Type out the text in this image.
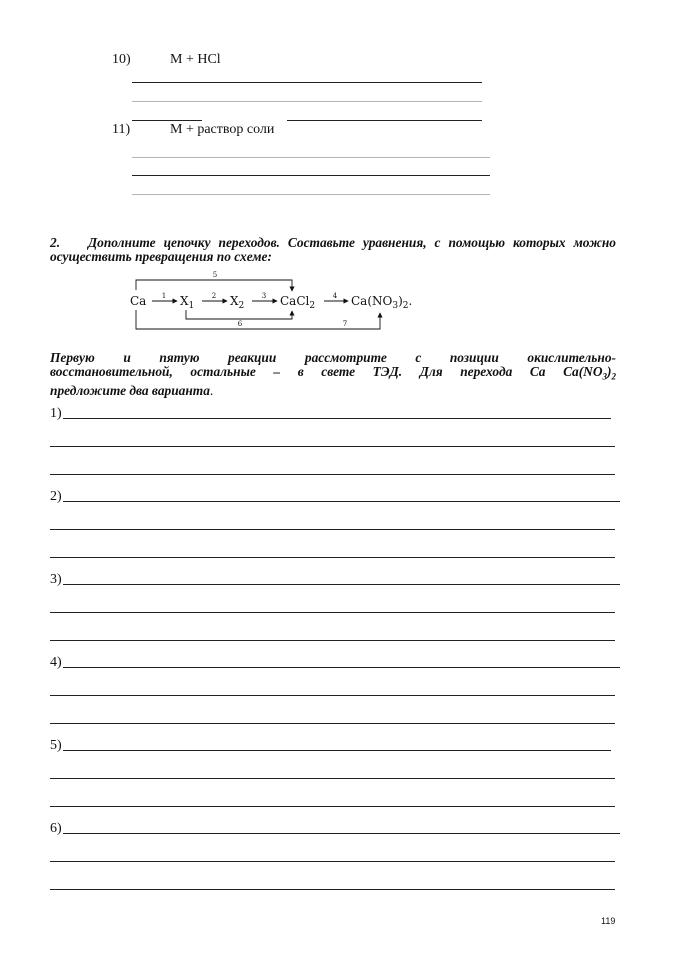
10)	M + HCl
11)	M + раствор соли
2. Дополните цепочку переходов. Составьте уравнения, с помощью которых можно осуществить превращения по схеме:
Ca	$X_1$	$X_2$	CaCl$_2$	$Ca(NO_3)_2$.
1	2	3	4
5
6	7
Первую и пятую реакции рассмотрите с позиции окислительно-
восстановительной, остальные – в свете ТЭД. Для перехода Ca $Ca(NO_3)_2$
предложите два варианта.
1)
2)
3)
4)
5)
6)
119
